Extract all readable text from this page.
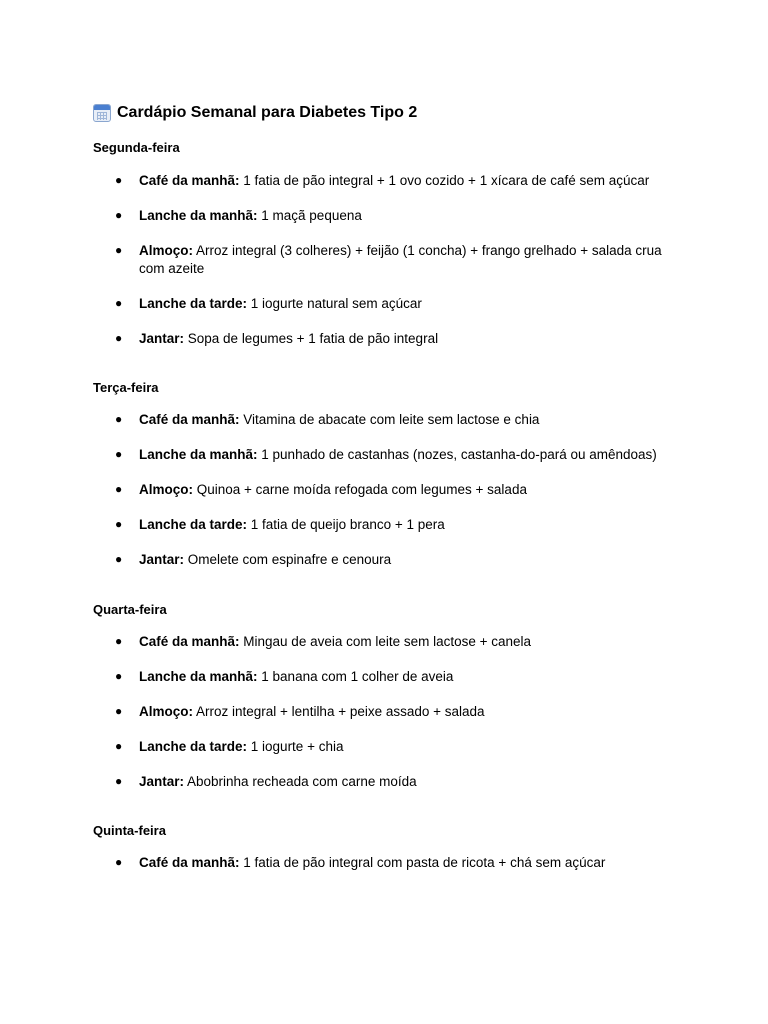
Cardápio Semanal para Diabetes Tipo 2
Segunda-feira
● Café da manhã: 1 fatia de pão integral + 1 ovo cozido + 1 xícara de café sem açúcar
● Lanche da manhã: 1 maçã pequena
● Almoço: Arroz integral (3 colheres) + feijão (1 concha) + frango grelhado + salada crua com azeite
● Lanche da tarde: 1 iogurte natural sem açúcar
● Jantar: Sopa de legumes + 1 fatia de pão integral
Terça-feira
● Café da manhã: Vitamina de abacate com leite sem lactose e chia
● Lanche da manhã: 1 punhado de castanhas (nozes, castanha-do-pará ou amêndoas)
● Almoço: Quinoa + carne moída refogada com legumes + salada
● Lanche da tarde: 1 fatia de queijo branco + 1 pera
● Jantar: Omelete com espinafre e cenoura
Quarta-feira
● Café da manhã: Mingau de aveia com leite sem lactose + canela
● Lanche da manhã: 1 banana com 1 colher de aveia
● Almoço: Arroz integral + lentilha + peixe assado + salada
● Lanche da tarde: 1 iogurte + chia
● Jantar: Abobrinha recheada com carne moída
Quinta-feira
● Café da manhã: 1 fatia de pão integral com pasta de ricota + chá sem açúcar
